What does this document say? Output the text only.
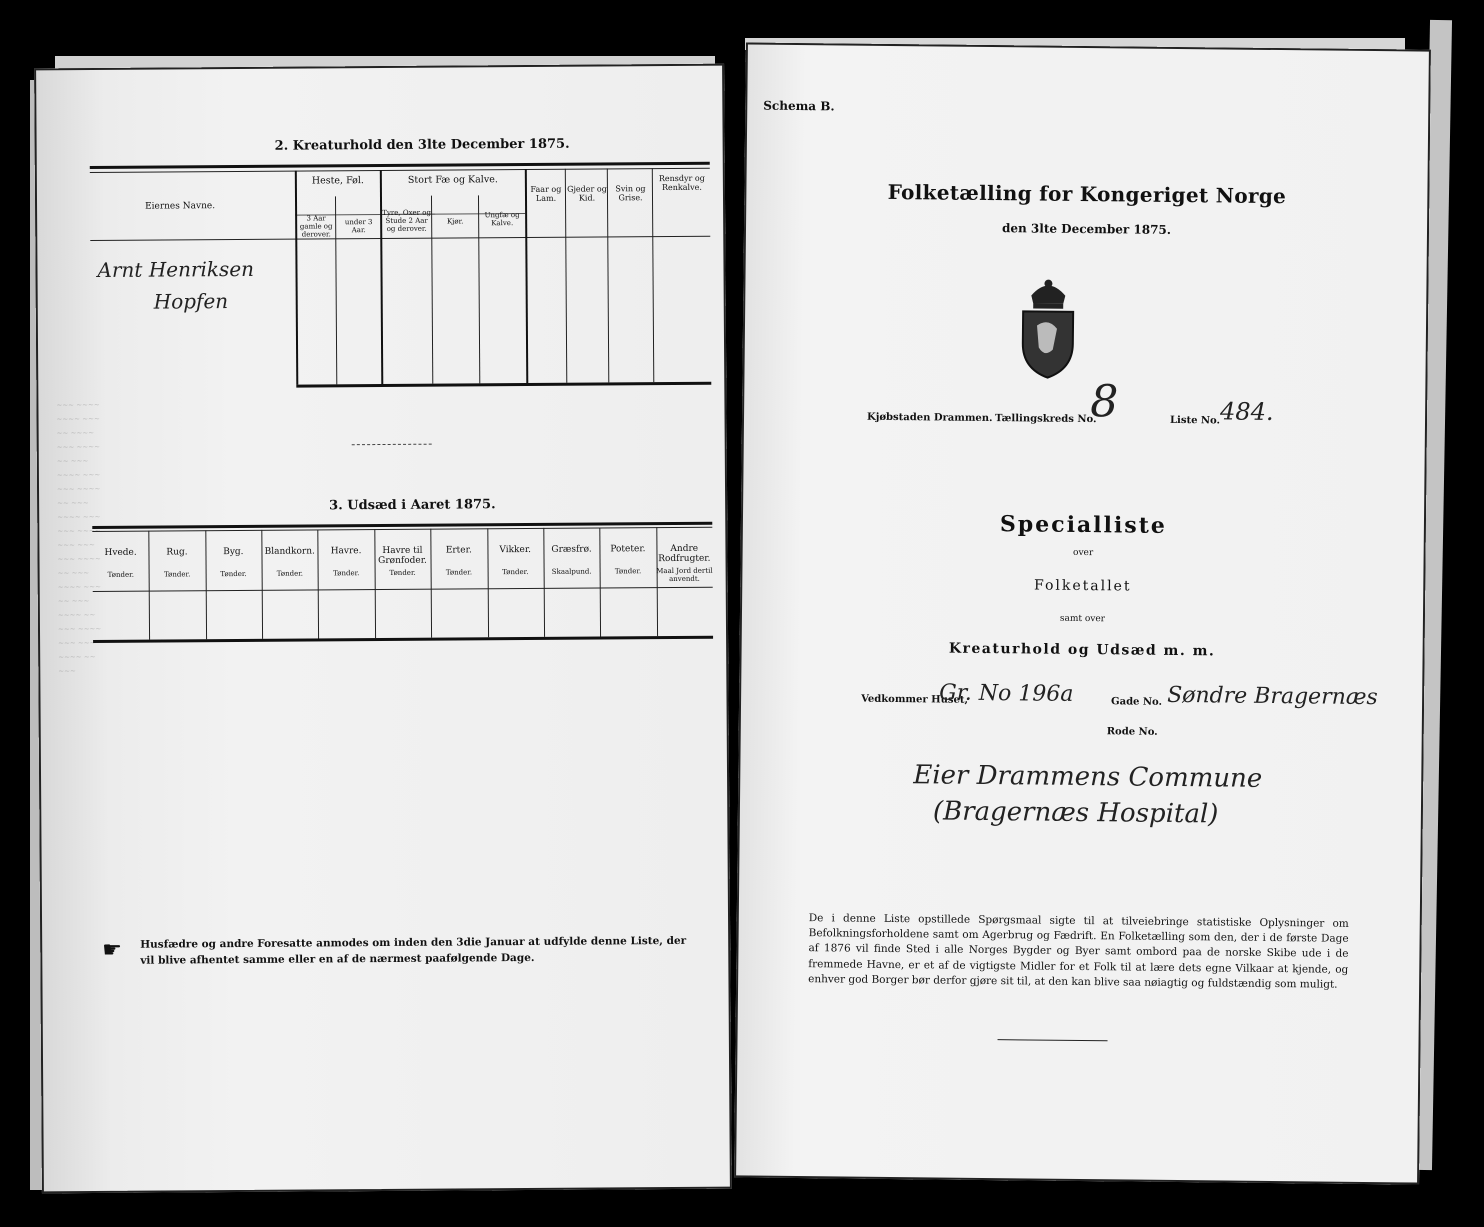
~~~ ~~~~ ~~~~ ~~~ ~~ ~~~~ ~~~ ~~~~ ~~ ~~~ ~~~~ ~~~ ~~~ ~~~~ ~~ ~~~ ~~~~ ~~~ ~~~ ~~~~ ~~~ ~~~ ~~~ ~~~~ ~~ ~~~ ~~~~ ~~~ ~~ ~~~ ~~~~ ~~ ~~~ ~~~~ ~~~ ~~~ ~~~~ ~~ ~~~
2. Kreaturhold den 3lte December 1875.
Eiernes Navne.
Heste, Føl.
3 Aar gamle og derover.
under 3 Aar.
Stort Fæ og Kalve.
Tyre, Oxer og Stude 2 Aar og derover.
Kjør.
Ungfæ og Kalve.
Faar og Lam.
Gjeder og Kid.
Svin og Grise.
Rensdyr og Renkalve.
Arnt Henriksen
Hopfen
3. Udsæd i Aaret 1875.
Hvede.
Tønder.
Rug.
Tønder.
Byg.
Tønder.
Blandkorn.
Tønder.
Havre.
Tønder.
Havre til Grønfoder.
Tønder.
Erter.
Tønder.
Vikker.
Tønder.
Græsfrø.
Skaalpund.
Poteter.
Tønder.
Andre Rodfrugter.
Maal Jord dertil anvendt.
☛ Husfædre og andre Foresatte anmodes om inden den 3die Januar at udfylde denne Liste, der vil blive afhentet samme eller en af de nærmest paafølgende Dage.
Schema B.
Folketælling for Kongeriget Norge
den 3lte December 1875.
Kjøbstaden Drammen. Tællingskreds No.
8	Liste No. 484.
Specialliste
over
Folketallet
samt over
Kreaturhold og Udsæd m. m.
Vedkommer Huset,
Gr. No 196a	Gade No. Søndre Bragernæs
Rode No.
Eier Drammens Commune
(Bragernæs Hospital)
De i denne Liste opstillede Spørgsmaal sigte til at tilveiebringe statistiske Oplysninger om Befolkningsforholdene samt om Agerbrug og Fædrift. En Folketælling som den, der i de første Dage af 1876 vil finde Sted i alle Norges Bygder og Byer samt ombord paa de norske Skibe ude i de fremmede Havne, er et af de vigtigste Midler for et Folk til at lære dets egne Vilkaar at kjende, og enhver god Borger bør derfor gjøre sit til, at den kan blive saa nøiagtig og fuldstændig som muligt.
